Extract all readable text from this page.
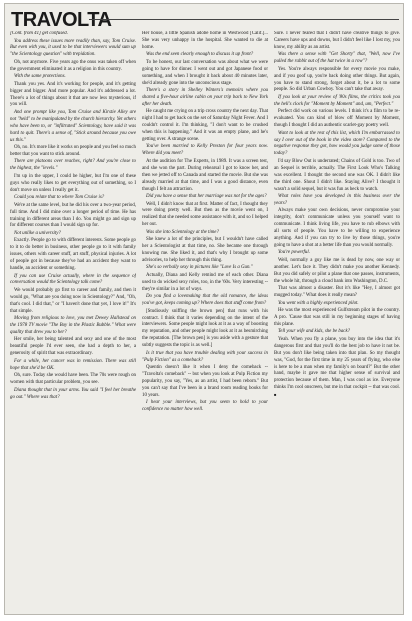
TRAVOLTA

[Cont. from 41] get confused.

You address these issues more readily than, say, Tom Cruise. But even with you, it used to be that interviewers would sum up "the Scientology question" with trepidation.

Oh, not anymore. Five years ago the onus was taken off when the government eliminated it as a religion in this country.

With the same protections.

Thank you yes. And it's working for people, and it's getting bigger and bigger. And more popular. And it's addressed a lot. There's a lot of things about it that are now less mysterious, if you will.

And one prompt like you, Tom Cruise and Kirstie Alley are not "held" to be manipulated by the church hierarchy. Yet others who have been to, or "infiltrated" Scientology, have said it was hard to quit. There's a sense of, "Stick around because you owe us this."

Oh, no. It's more like it works on people and you feel so much better that you want to stick around.

There are platoons over reaches, right? And you're close to the highest, the "levels."

I'm up in the upper, I could be higher, but I'm one of these guys who really likes to get everything out of something, so I don't move on unless I really get it.

Could you relate that to where Tom Cruise is?

We're at the same level, but he did his over a two-year period, full time. And I did mine over a longer period of time. He has training in different areas than I do. You might go and sign up for different courses than I would sign up for.

Not unlike a university?

Exactly. People go to with different interests. Some people go to it to do better in business, other people go to it with family issues, others with career stuff, art stuff, physical injuries. A lot of people got in because they've had an accident they want to handle, an accident or something.

If you can use Cruise actually, where in the sequence of conversation would the Scientology talk come?

We would probably go first to career and family, and then it would go, "What are you doing now in Scientology?" And, "Oh, that's cool. I did that," or "I haven't done that yet, I love it!" It's that simple.

Moving from religious to love, you met Dewey Hallstead on the 1978 TV movie "The Boy in the Plastic Bubble." What were quality that drew you to her?

Her smile, her being talented and sexy and one of the most beautiful people I'd ever seen, she had a depth to her, a generosity of spirit that was extraordinary.

For a while, her cancer was in remission. There was still hope that she'd be OK.

Oh, sure. Today she would have been. The 70s were rough on women with that particular problem, you see.

Diana thought that in your arms. You said "I feel her breathe go out." Where was that?

Her house, a little Spanish adobe home in Westwood [Calif.]... She was very unhappy in the hospital. She wanted to die at home.

Was the end seen clearly enough to discuss it up front?

To be honest, our last conversation was about what we were going to have for dinner. I went out and got Japanese food or something, and when I brought it back about 40 minutes later, she'd already gone into the unconscious stage.

There's a story in Shelley Winters's memoirs where you shared a five-hour airline cabin on your trip back to New York after her death.

He caught me crying on a trip cross country the next day. That night I had to get back on the set of Saturday Night Fever. And I couldn't control it. I'm thinking, "I don't want to be crushed when this is happening." And it was an empty plane, and he's getting over. A strange scene.

You've been married to Kelly Preston for four years now. Where did you meet?

At the audition for The Experts, in 1989. It was a screen test, and she won the part. During rehearsal I got to know her, and then we jetted off to Canada and started the movie. But she was already married at that time, and I was a good distance, even though I felt an attraction.

Did you have a sense that her marriage was not for the ages?

Well, I didn't know that at first. Matter of fact, I thought they were doing pretty well. But then as the movie went on, I realized that she needed some assistance with it, and so I helped her out.

Was she into Scientology at the time?

She knew a lot of the principles, but I wouldn't have called her a Scientologist at that time, no. She became one through knowing me. She liked it, and that's why I brought up some advisories, to help her through this thing.

She's so verbally sexy in pictures like "Love Is a Gun."

Actually, Diana and Kelly remind me of each other. Diana used to do wicked sexy roles, too, in the '60s. Very interesting -- they're similar in a lot of ways.

Do you find a lovemaking that the old romance, the ideas you've got, keeps coming up? Where does that stuff come from?

[Studiously sniffing the brown pen] that runs with his contract. I think that it varies depending on the intent of the interviewers. Some people might look at it as a way of boosting my reputation, and other people might look at it as besmirching the reputation. [The brown pen] is you aside with a gesture that subtly suggests the topic is as well.]

Is it true that you have trouble dealing with your success in "Pulp Fiction" as a comeback?

Quentin doesn't like it when I deny the comeback -- "Travolta's comeback" -- but when you look at Pulp Fiction my popularity, you say, "Yes, as an artist, I had been reborn." But you can't say that I've been in a brand room reading books for 10 years.

I hear your interviews, but you seem to hold to your confidence no matter how well.

Sure. I never feared that I didn't have creative things to give. Careers have ups and downs, but I didn't feel like I lost my, you know, my ability as an artist.

Was there a sense with "Get Shorty" that, "Well, now I've pulled the rabbit out of the hat twice in a row"?

Yes. You're always responsible for every movie you make, and if you goof up, you're back doing other things. But again, you have to stand strong, forget about it, be a lot to some people. So did Urban Cowboy. You can't take that away.

If you look at your review of '80s films, the critics took you the hell's clock for "Moment by Moment" and, um, "Perfect."

Perfect did work on various levels. I think it's a film to be re-evaluated. You can kind of blow off Moment by Moment, though I thought I did an authentic scarlet-gay poetry well.

Want to look at the rest of this list, which I'm embarrassed to say I over out of the book in the video store? Compared to the negative response they got, how would you judge some of those today?

I'd say Blow Out is underrated; Chains of Gold is too. Two of an Sequel is terrible, actually. The First Look Who's Talking was excellent. I thought the second one was OK. I didn't like the third one. Shout I didn't like. Staying Alive? I thought it wasn't a solid sequel, but it was fun as heck to watch.

What roles have you developed in this business over the years?

Always make your own decisions, never compromise your integrity, don't communicate unless you yourself want to communicate. I think living life, you have to rub elbows with all sorts of people. You have to be willing to experience anything. And if you can try to live by those things, you're going to have a shot at a better life than you would normally.

You're powerful.

Well, normally a guy like me is dead by now, one way or another. Let's face it. They didn't make you another Kennedy. But you did safely or pilot a plane that one passes, instruments, the whole hit, through a cloud bank into Washington, D.C.

That was almost a disaster. But it's like "Hey, I almost got mugged today." What does it really mean?

You went with a highly experienced pilot.

He was the most experienced Gulfstream pilot in the country. A pro. 'Cause that was still in my beginning stages of having this plane.

Tell your wife and kids, she be back?

Yeah. When you fly a plane, you buy into the idea that it's dangerous first and that you'll do the best job to have it not be. But you don't like being taken into that plan. So my thought was, "God, for the first time in my 25 years of flying, who else is here to be a man when my family's on board?" But the other hand, maybe it gave me that higher sense of survival and protection because of them. Man, I was cool as ice. Everyone thinks I'm cool onscreen, but me in that cockpit -- that was cool. ■
